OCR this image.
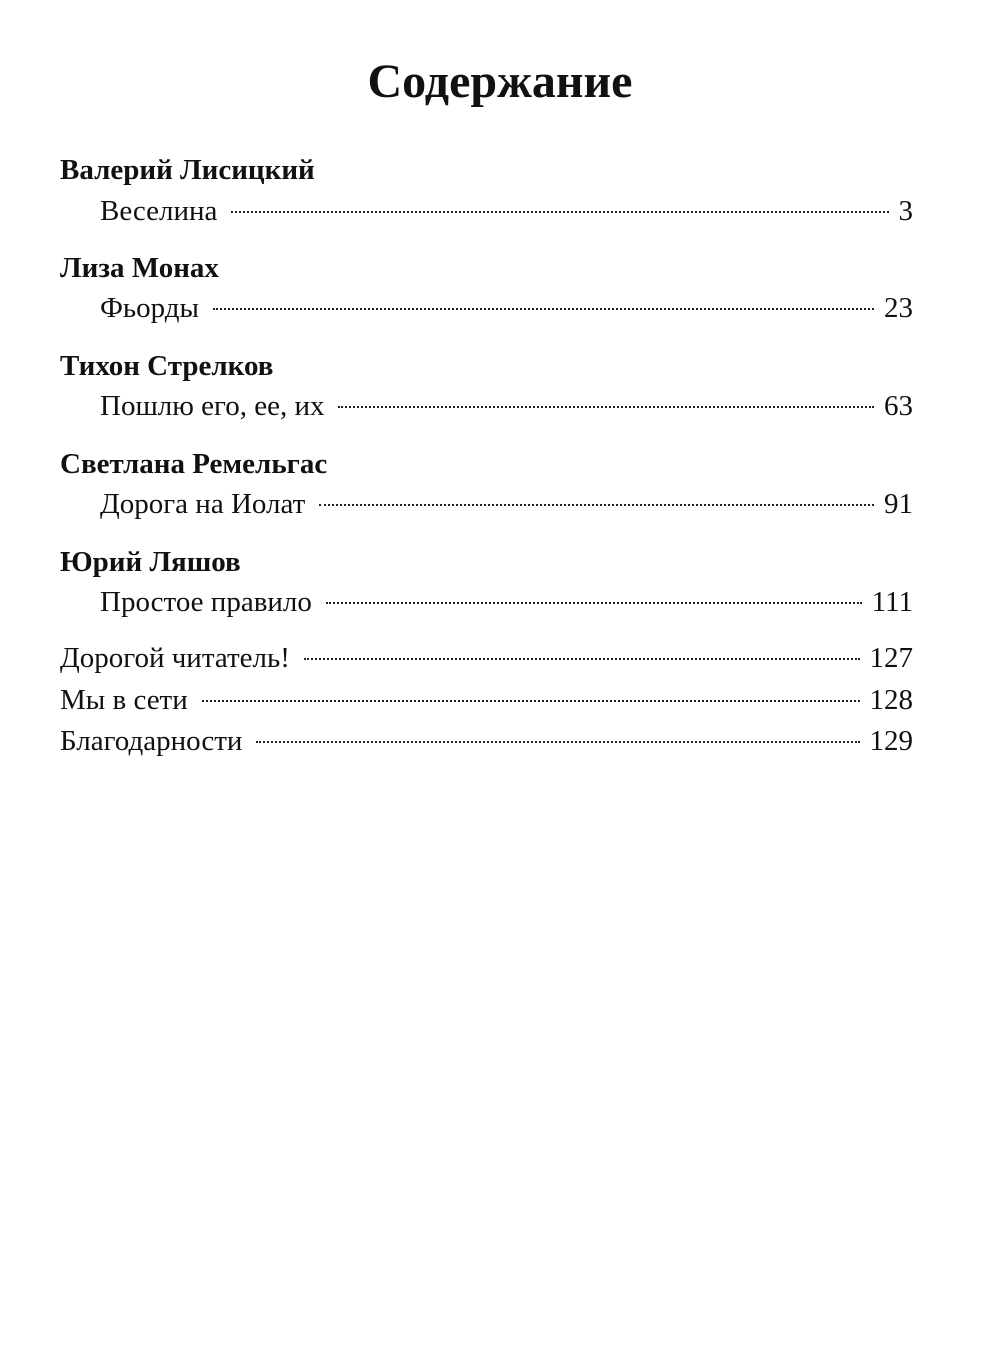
Содержание
Валерий Лисицкий
Веселина	3
Лиза Монах
Фьорды	23
Тихон Стрелков
Пошлю его, ее, их	63
Светлана Ремельгас
Дорога на Иолат	91
Юрий Ляшов
Простое правило	111
Дорогой читатель!	127
Мы в сети	128
Благодарности	129
